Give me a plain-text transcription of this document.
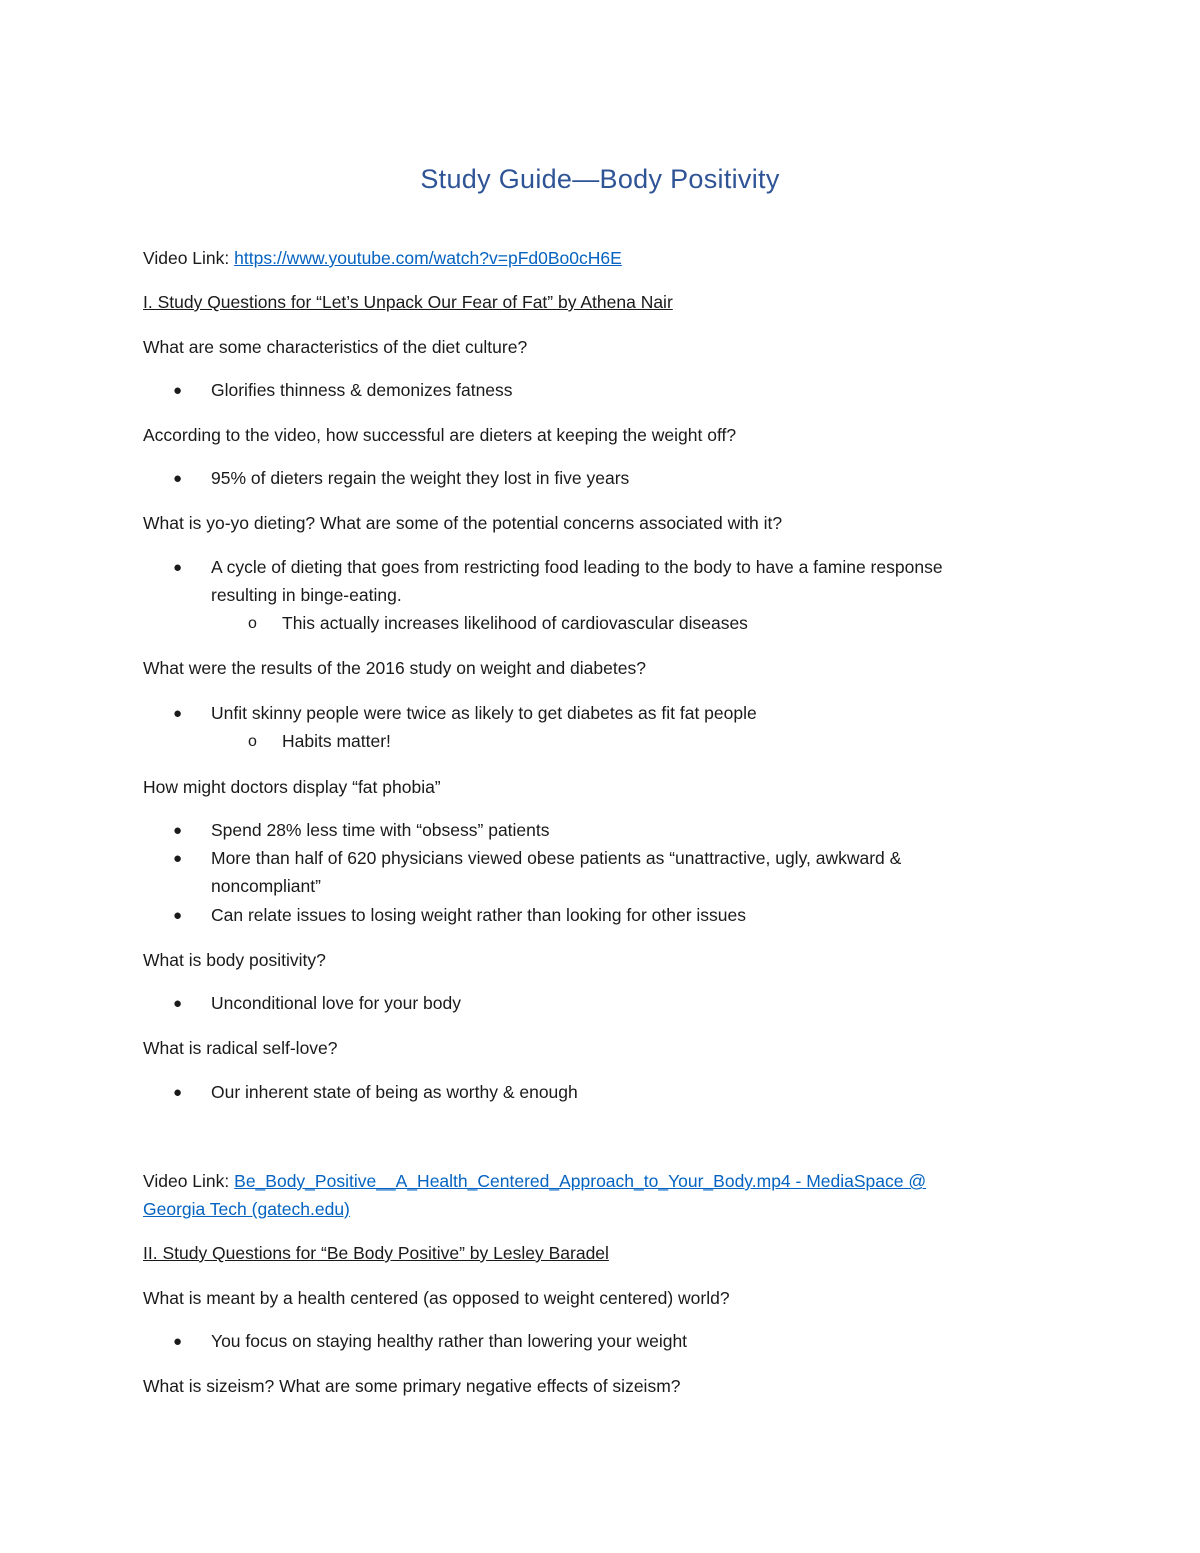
Study Guide—Body Positivity
Video Link: https://www.youtube.com/watch?v=pFd0Bo0cH6E
I. Study Questions for “Let’s Unpack Our Fear of Fat” by Athena Nair
What are some characteristics of the diet culture?
● Glorifies thinness & demonizes fatness
According to the video, how successful are dieters at keeping the weight off?
● 95% of dieters regain the weight they lost in five years
What is yo-yo dieting? What are some of the potential concerns associated with it?
● A cycle of dieting that goes from restricting food leading to the body to have a famine response
resulting in binge-eating.
o This actually increases likelihood of cardiovascular diseases
What were the results of the 2016 study on weight and diabetes?
● Unfit skinny people were twice as likely to get diabetes as fit fat people
o Habits matter!
How might doctors display “fat phobia”
● Spend 28% less time with “obsess” patients
● More than half of 620 physicians viewed obese patients as “unattractive, ugly, awkward &
noncompliant”
● Can relate issues to losing weight rather than looking for other issues
What is body positivity?
● Unconditional love for your body
What is radical self-love?
● Our inherent state of being as worthy & enough
Video Link: Be_Body_Positive__A_Health_Centered_Approach_to_Your_Body.mp4 - MediaSpace @
Georgia Tech (gatech.edu)
II. Study Questions for “Be Body Positive” by Lesley Baradel
What is meant by a health centered (as opposed to weight centered) world?
● You focus on staying healthy rather than lowering your weight
What is sizeism? What are some primary negative effects of sizeism?
